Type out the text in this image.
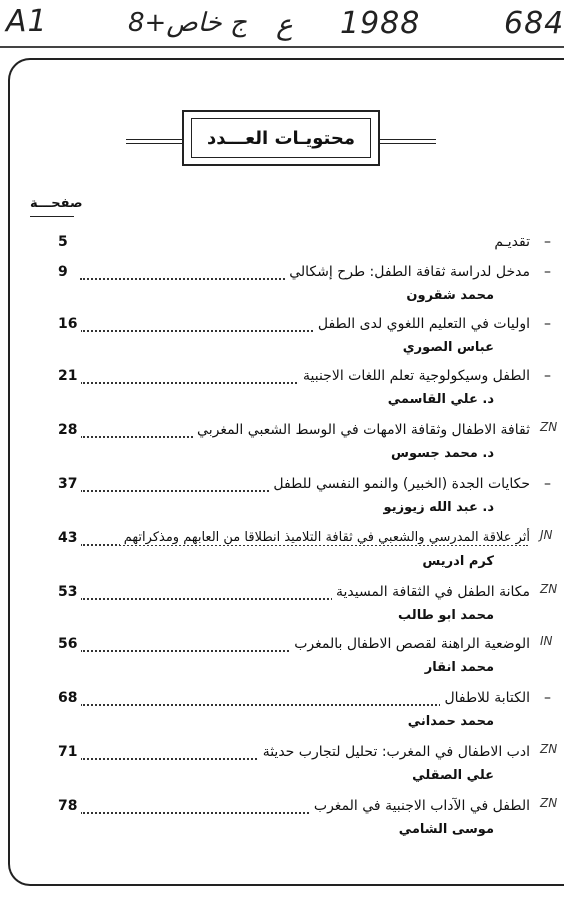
A1	8+ج خاص ع 1988	684
محتويـات العـــدد
صفحـــة
–
تقديـم
5
–
مدخل لدراسة ثقافة الطفل: طرح إشكالي
9
محمد شقرون
–
اوليات في التعليم اللغوي لدى الطفل
16
عباس الصوري
–
الطفل وسيكولوجية تعلم اللغات الاجنبية
21
د. علي القاسمي
ZN
ثقافة الاطفال وثقافة الامهات في الوسط الشعبي المغربي
28
د. محمد جسوس
–
حكايات الجدة (الخبير) والنمو النفسي للطفل
37
د. عبد الله زيوزيو
JN
أثر علاقة المدرسي والشعبي في ثقافة التلاميذ انطلاقا من العابهم ومذكراتهم
43
كرم ادريس
ZN
مكانة الطفل في الثقافة المسيدية
53
محمد ابو طالب
IN
الوضعية الراهنة لقصص الاطفال بالمغرب
56
محمد انقار
–
الكتابة للاطفال
68
محمد حمداني
ZN
ادب الاطفال في المغرب: تحليل لتجارب حديثة
71
علي الصقلي
ZN
الطفل في الآداب الاجنبية في المغرب
78
موسى الشامي
